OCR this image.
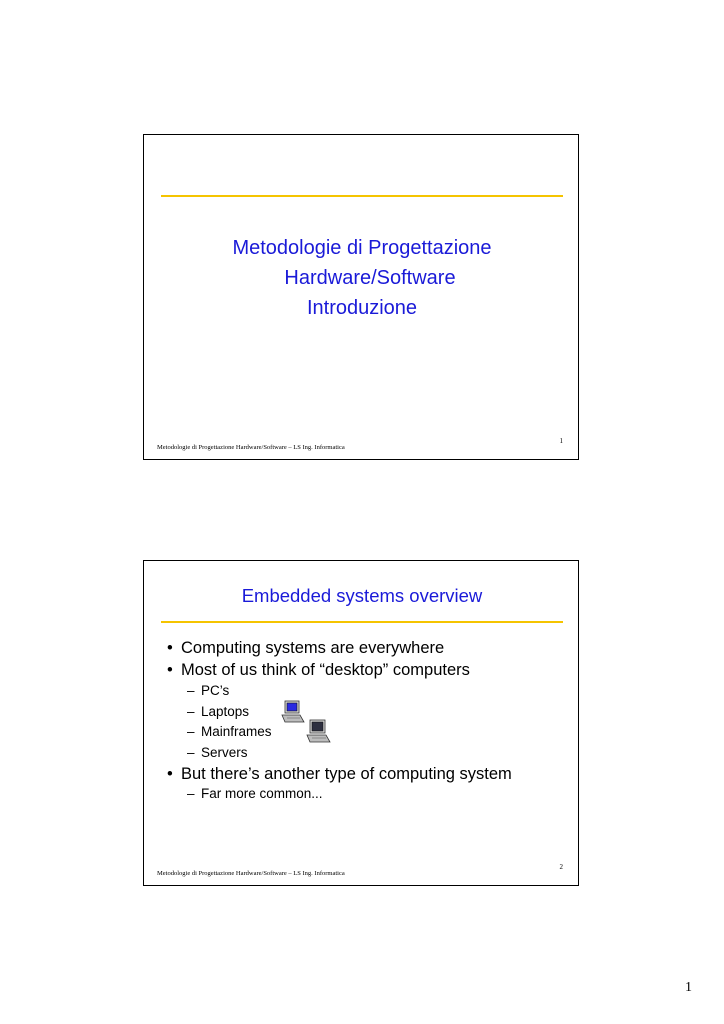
Metodologie di Progettazione
Hardware/Software
Introduzione
1
Metodologie di Progettazione Hardware/Software – LS Ing. Informatica
Embedded systems overview
• Computing systems are everywhere
• Most of us think of “desktop” computers
– PC’s
– Laptops
– Mainframes
– Servers
• But there’s another type of computing system
– Far more common...
2
Metodologie di Progettazione Hardware/Software – LS Ing. Informatica
1
